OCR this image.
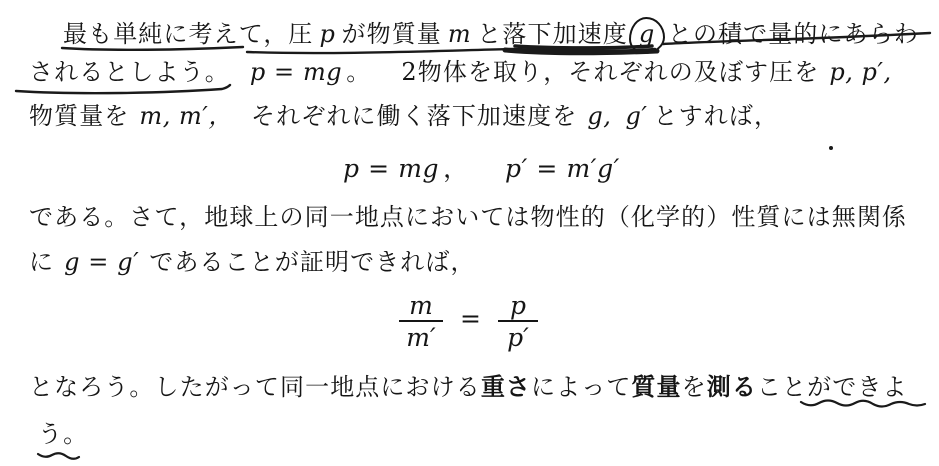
最も単純に考えて，圧 p が物質量 m と落下加速度 g との積で量的にあらわ
されるとしよう。 p = mg 。 2物体を取り，それぞれの及ぼす圧を p, p′,
物質量を m, m′， それぞれに働く落下加速度を g, g′ とすれば，
p = mg ， p′ = m′g′
である。さて，地球上の同一地点においては物性的（化学的）性質には無関係
に g = g′ であることが証明できれば，
$\frac{m}{m'} = \frac{p}{p'}$
となろう。したがって同一地点における重さによって質量を測ることができよ
う。
